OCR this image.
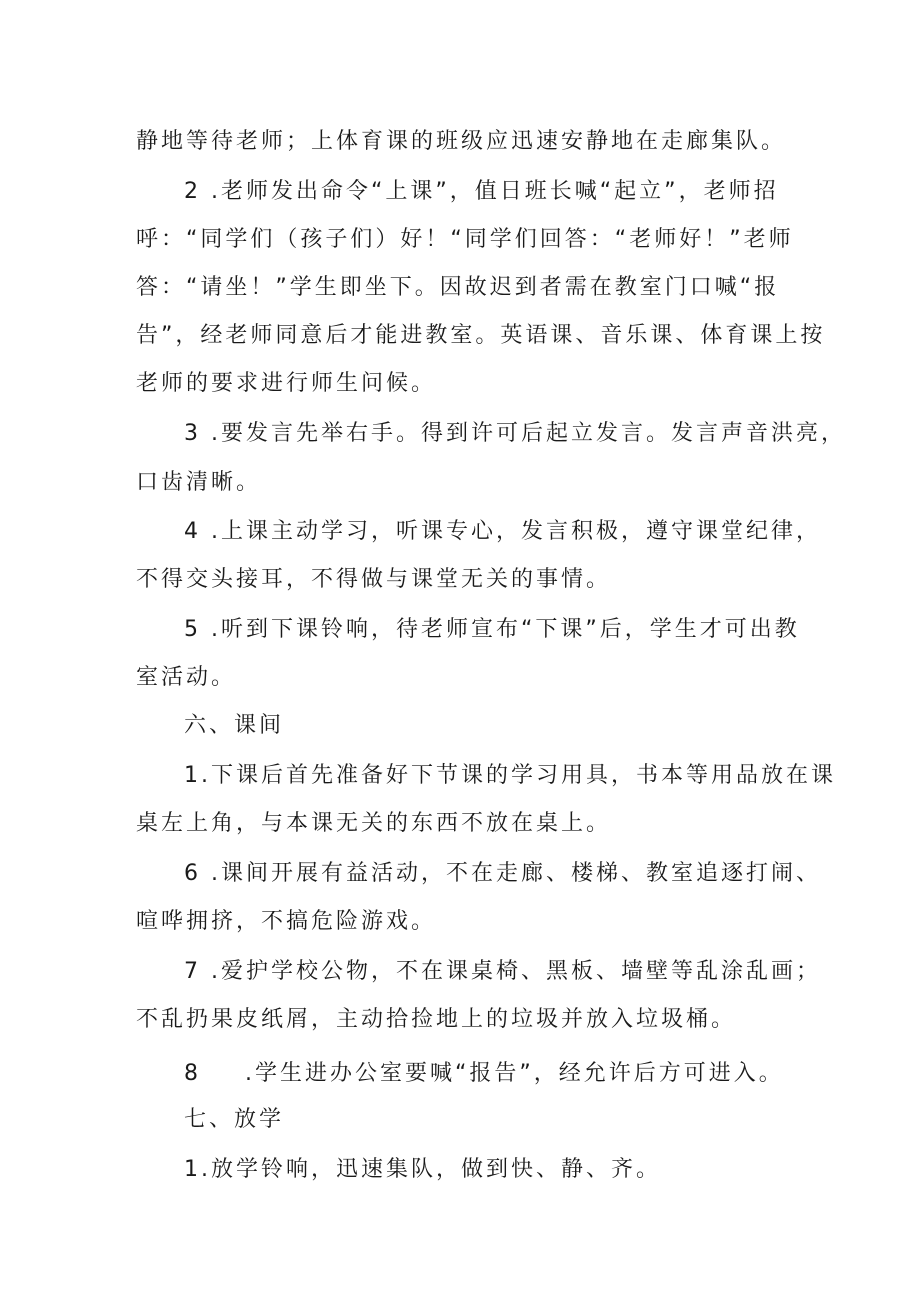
静地等待老师；上体育课的班级应迅速安静地在走廊集队。
2 .老师发出命令“上课”，值日班长喊“起立”，老师招
呼：“同学们（孩子们）好！“同学们回答：“老师好！”老师
答：“请坐！”学生即坐下。因故迟到者需在教室门口喊“报
告”，经老师同意后才能进教室。英语课、音乐课、体育课上按
老师的要求进行师生问候。
3 .要发言先举右手。得到许可后起立发言。发言声音洪亮，
口齿清晰。
4 .上课主动学习，听课专心，发言积极，遵守课堂纪律，
不得交头接耳，不得做与课堂无关的事情。
5 .听到下课铃响，待老师宣布“下课”后，学生才可出教
室活动。
六、课间
1.下课后首先准备好下节课的学习用具，书本等用品放在课
桌左上角，与本课无关的东西不放在桌上。
6 .课间开展有益活动，不在走廊、楼梯、教室追逐打闹、
喧哗拥挤，不搞危险游戏。
7 .爱护学校公物，不在课桌椅、黑板、墙壁等乱涂乱画；
不乱扔果皮纸屑，主动拾捡地上的垃圾并放入垃圾桶。
8 .学生进办公室要喊“报告”，经允许后方可进入。
七、放学
1.放学铃响，迅速集队，做到快、静、齐。
